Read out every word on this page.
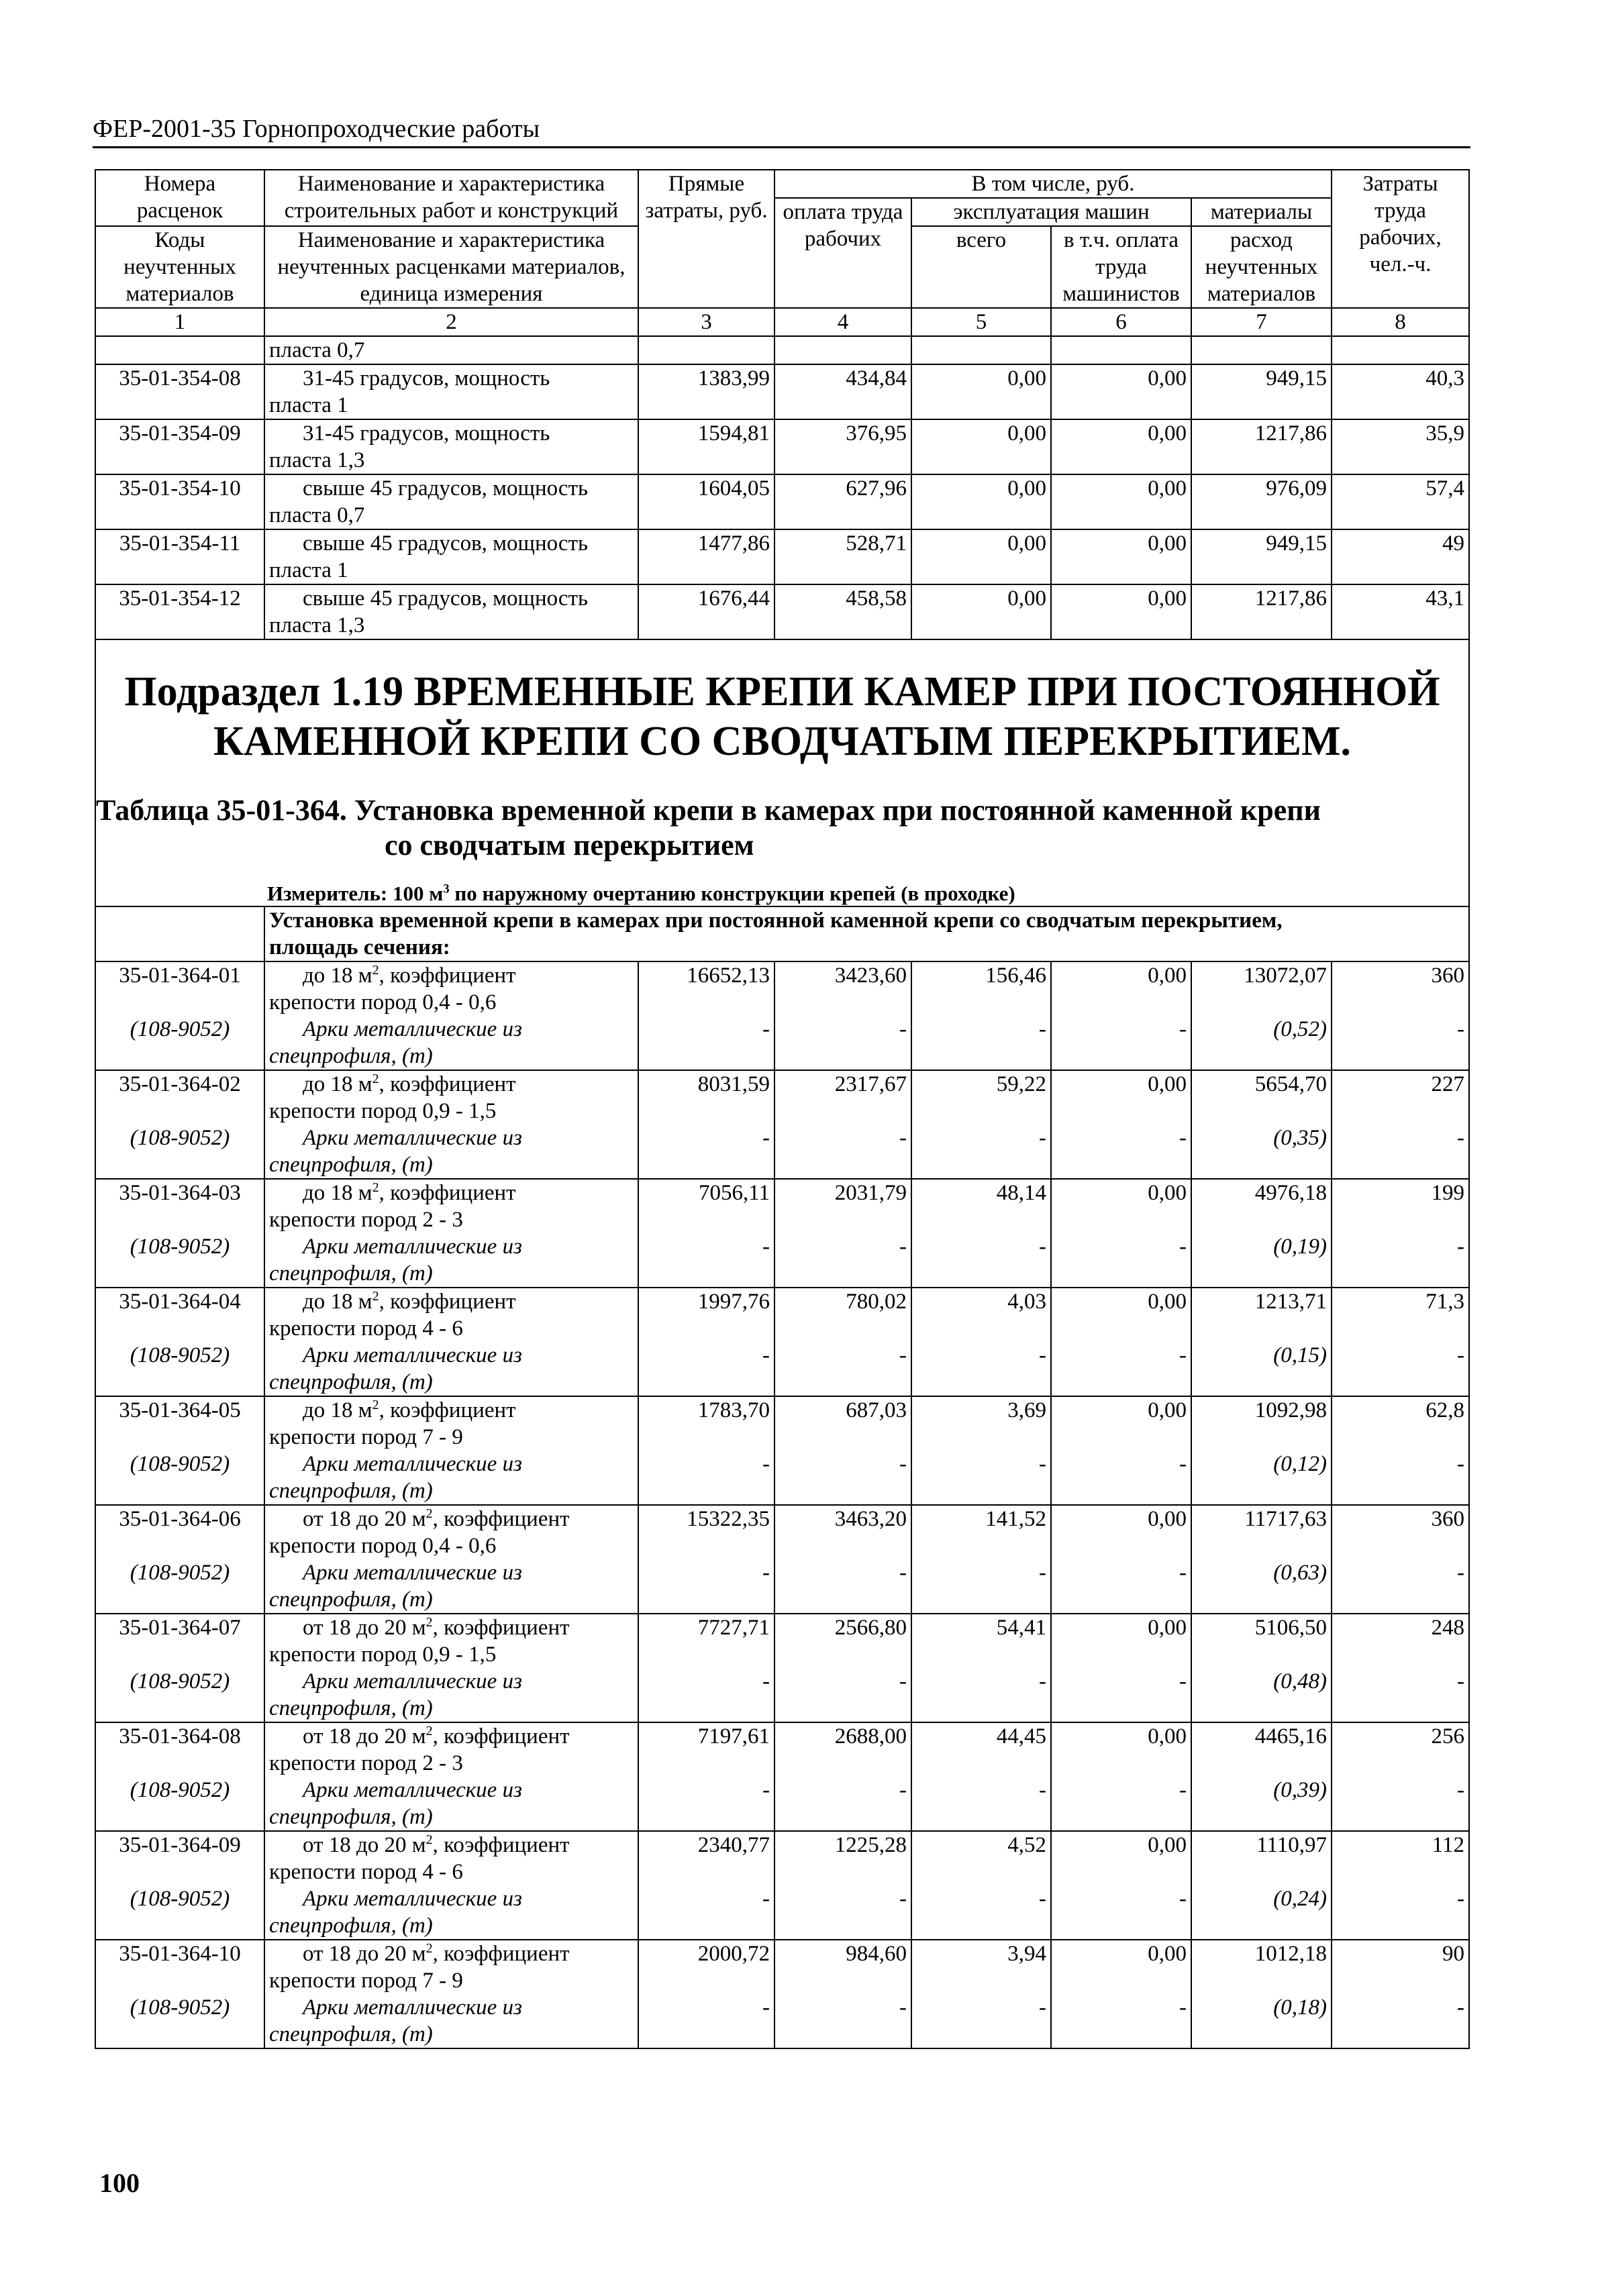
ФЕР-2001-35 Горнопроходческие работы
Номера расценок	Наименование и характеристика строительных работ и конструкций	Прямые затраты, руб.	В том числе, руб.				Затраты труда рабочих, чел.-ч.
			оплата труда рабочих	эксплуатация машин		материалы	
Коды неучтенных материалов	Наименование и характеристика неучтенных расценками материалов, единица измерения			всего	в т.ч. оплата труда машинистов	расход неучтенных материалов	
1	2	3	4	5	6	7	8
	пласта 0,7						
35-01-354-08	31-45 градусов, мощность
пласта 1	1383,99	434,84	0,00	0,00	949,15	40,3
35-01-354-09	31-45 градусов, мощность
пласта 1,3	1594,81	376,95	0,00	0,00	1217,86	35,9
35-01-354-10	свыше 45 градусов, мощность
пласта 0,7	1604,05	627,96	0,00	0,00	976,09	57,4
35-01-354-11	свыше 45 градусов, мощность
пласта 1	1477,86	528,71	0,00	0,00	949,15	49
35-01-354-12	свыше 45 градусов, мощность
пласта 1,3	1676,44	458,58	0,00	0,00	1217,86	43,1

Подраздел 1.19 ВРЕМЕННЫЕ КРЕПИ КАМЕР ПРИ ПОСТОЯННОЙ
КАМЕННОЙ КРЕПИ СО СВОДЧАТЫМ ПЕРЕКРЫТИЕМ.
Таблица 35-01-364. Установка временной крепи в камерах при постоянной каменной крепи
со сводчатым перекрытием
Измеритель: 100 $м^3$ по наружному очертанию конструкции крепей (в проходке)							

	Установка временной крепи в камерах при постоянной каменной крепи со сводчатым перекрытием,
площадь сечения:						

35-01-364-01	до 18 $м^2$, коэффициент
крепости пород 0,4 - 0,6	16652,13	3423,60	156,46	0,00	13072,07	360
(108-9052)	Арки металлические из
спецпрофиля, (т)	-	-	-	-	(0,52)	-
35-01-364-02	до 18 $м^2$, коэффициент
крепости пород 0,9 - 1,5	8031,59	2317,67	59,22	0,00	5654,70	227
(108-9052)	Арки металлические из
спецпрофиля, (т)	-	-	-	-	(0,35)	-
35-01-364-03	до 18 $м^2$, коэффициент
крепости пород 2 - 3	7056,11	2031,79	48,14	0,00	4976,18	199
(108-9052)	Арки металлические из
спецпрофиля, (т)	-	-	-	-	(0,19)	-
35-01-364-04	до 18 $м^2$, коэффициент
крепости пород 4 - 6	1997,76	780,02	4,03	0,00	1213,71	71,3
(108-9052)	Арки металлические из
спецпрофиля, (т)	-	-	-	-	(0,15)	-
35-01-364-05	до 18 $м^2$, коэффициент
крепости пород 7 - 9	1783,70	687,03	3,69	0,00	1092,98	62,8
(108-9052)	Арки металлические из
спецпрофиля, (т)	-	-	-	-	(0,12)	-
35-01-364-06	от 18 до 20 $м^2$, коэффициент
крепости пород 0,4 - 0,6	15322,35	3463,20	141,52	0,00	11717,63	360
(108-9052)	Арки металлические из
спецпрофиля, (т)	-	-	-	-	(0,63)	-
35-01-364-07	от 18 до 20 $м^2$, коэффициент
крепости пород 0,9 - 1,5	7727,71	2566,80	54,41	0,00	5106,50	248
(108-9052)	Арки металлические из
спецпрофиля, (т)	-	-	-	-	(0,48)	-
35-01-364-08	от 18 до 20 $м^2$, коэффициент
крепости пород 2 - 3	7197,61	2688,00	44,45	0,00	4465,16	256
(108-9052)	Арки металлические из
спецпрофиля, (т)	-	-	-	-	(0,39)	-
35-01-364-09	от 18 до 20 $м^2$, коэффициент
крепости пород 4 - 6	2340,77	1225,28	4,52	0,00	1110,97	112
(108-9052)	Арки металлические из
спецпрофиля, (т)	-	-	-	-	(0,24)	-
35-01-364-10	от 18 до 20 $м^2$, коэффициент
крепости пород 7 - 9	2000,72	984,60	3,94	0,00	1012,18	90
(108-9052)	Арки металлические из
спецпрофиля, (т)	-	-	-	-	(0,18)	-
100
